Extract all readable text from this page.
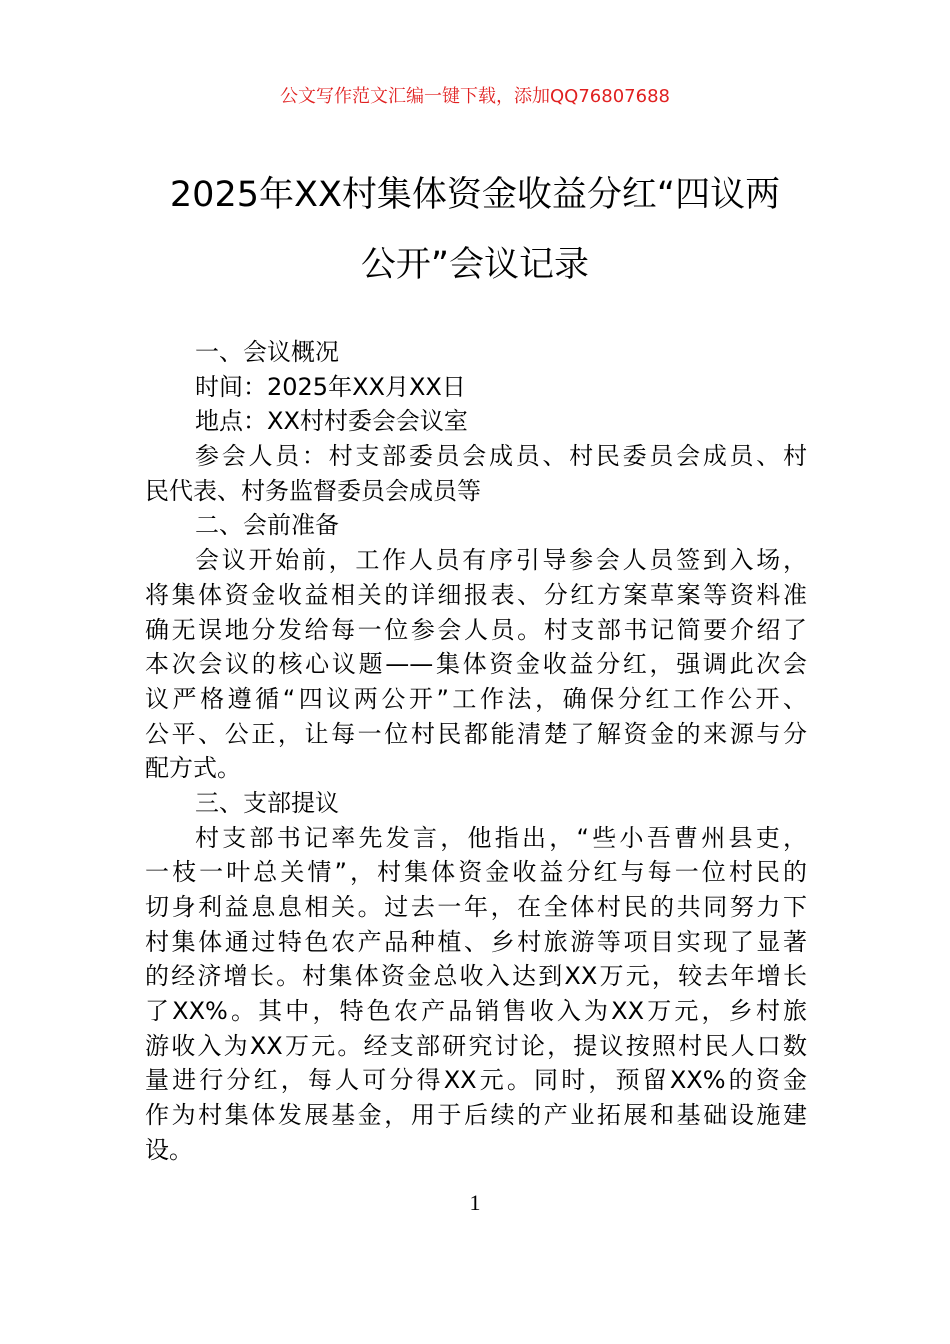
公文写作范文汇编一键下载，添加QQ76807688
2025年XX村集体资金收益分红“四议两
公开”会议记录
一、会议概况
时间：2025年XX月XX日
地点：XX村村委会会议室
参会人员：村支部委员会成员、村民委员会成员、村
民代表、村务监督委员会成员等
二、会前准备
会议开始前，工作人员有序引导参会人员签到入场，
将集体资金收益相关的详细报表、分红方案草案等资料准
确无误地分发给每一位参会人员。村支部书记简要介绍了
本次会议的核心议题——集体资金收益分红，强调此次会
议严格遵循“四议两公开”工作法，确保分红工作公开、
公平、公正，让每一位村民都能清楚了解资金的来源与分
配方式。
三、支部提议
村支部书记率先发言，他指出，“些小吾曹州县吏，
一枝一叶总关情”，村集体资金收益分红与每一位村民的
切身利益息息相关。过去一年，在全体村民的共同努力下
村集体通过特色农产品种植、乡村旅游等项目实现了显著
的经济增长。村集体资金总收入达到XX万元，较去年增长
了XX%。其中，特色农产品销售收入为XX万元，乡村旅
游收入为XX万元。经支部研究讨论，提议按照村民人口数
量进行分红，每人可分得XX元。同时，预留XX%的资金
作为村集体发展基金，用于后续的产业拓展和基础设施建
设。
1
